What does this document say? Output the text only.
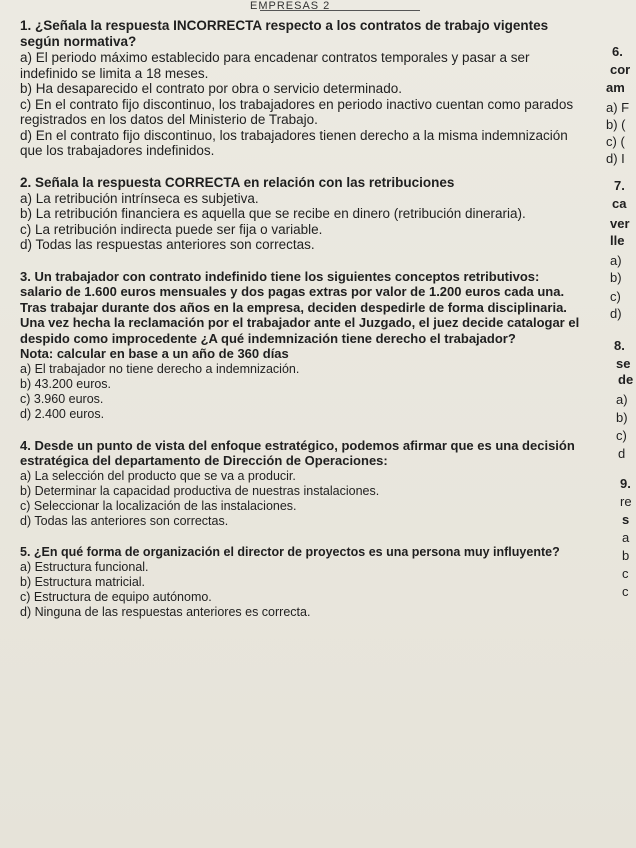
EMPRESAS 2

1. ¿Señala la respuesta INCORRECTA respecto a los contratos de trabajo vigentes según normativa?

a) El periodo máximo establecido para encadenar contratos temporales y pasar a ser indefinido se limita a 18 meses.

b) Ha desaparecido el contrato por obra o servicio determinado.

c) En el contrato fijo discontinuo, los trabajadores en periodo inactivo cuentan como parados registrados en los datos del Ministerio de Trabajo.

d) En el contrato fijo discontinuo, los trabajadores tienen derecho a la misma indemnización que los trabajadores indefinidos.

2. Señala la respuesta CORRECTA en relación con las retribuciones

a) La retribución intrínseca es subjetiva.

b) La retribución financiera es aquella que se recibe en dinero (retribución dineraria).

c) La retribución indirecta puede ser fija o variable.

d) Todas las respuestas anteriores son correctas.

3. Un trabajador con contrato indefinido tiene los siguientes conceptos retributivos: salario de 1.600 euros mensuales y dos pagas extras por valor de 1.200 euros cada una.

Tras trabajar durante dos años en la empresa, deciden despedirle de forma disciplinaria. Una vez hecha la reclamación por el trabajador ante el Juzgado, el juez decide catalogar el despido como improcedente ¿A qué indemnización tiene derecho el trabajador?

Nota: calcular en base a un año de 360 días

a) El trabajador no tiene derecho a indemnización.

b) 43.200 euros.

c) 3.960 euros.

d) 2.400 euros.

4. Desde un punto de vista del enfoque estratégico, podemos afirmar que es una decisión estratégica del departamento de Dirección de Operaciones:

a) La selección del producto que se va a producir.

b) Determinar la capacidad productiva de nuestras instalaciones.

c) Seleccionar la localización de las instalaciones.

d) Todas las anteriores son correctas.

5. ¿En qué forma de organización el director de proyectos es una persona muy influyente?

a) Estructura funcional.

b) Estructura matricial.

c) Estructura de equipo autónomo.

d) Ninguna de las respuestas anteriores es correcta.

6.
cor
am
a) F
b) (
c) (
d) I
7.
ca
ver
lle
a)
b)
c)
d)
8.
se
de
a)
b)
c)
d
9.
re
s
a
b
c
c
